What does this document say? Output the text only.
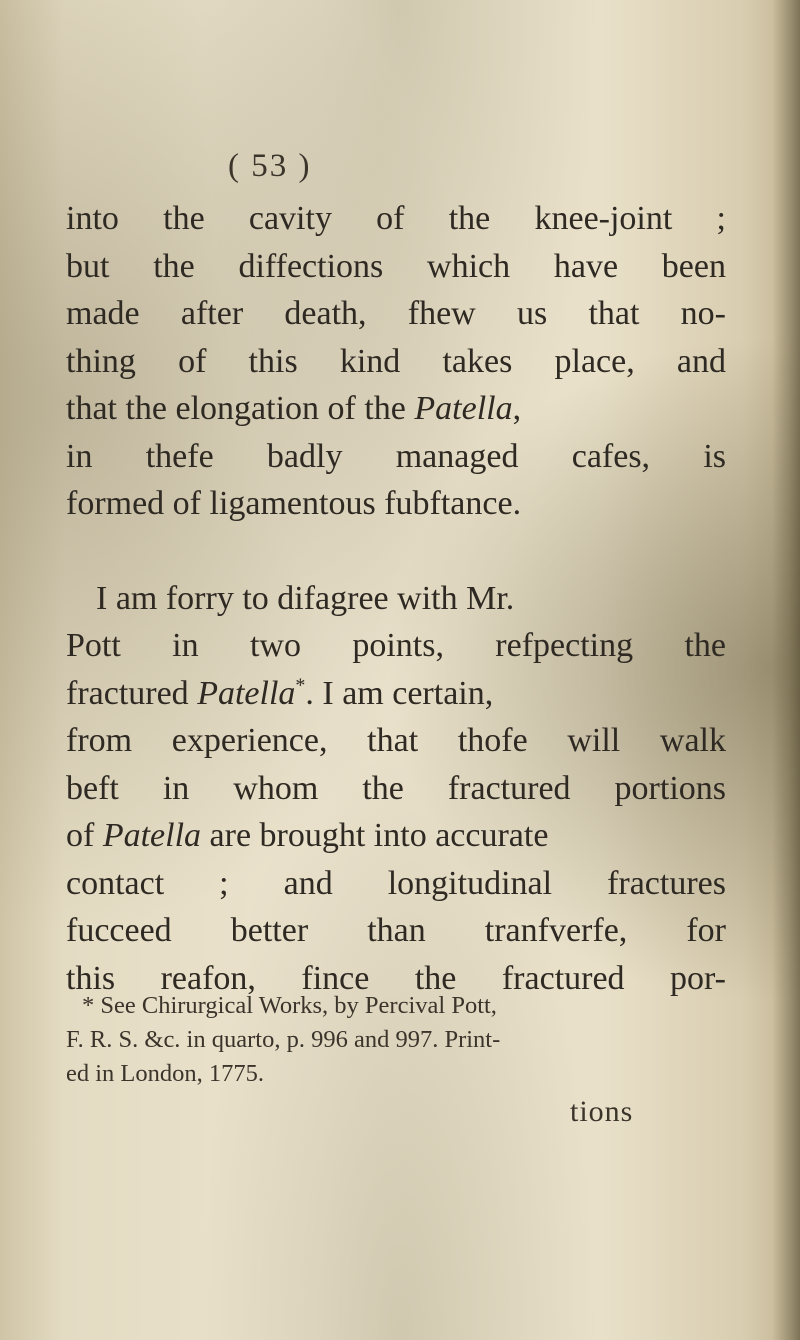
( 53 )
into the cavity of the knee-joint ;
but the diffections which have been
made after death, fhew us that no-
thing of this kind takes place, and
that the elongation of the Patella,
in thefe badly managed cafes, is
formed of ligamentous fubftance.
I am forry to difagree with Mr.
Pott in two points, refpecting the
fractured Patella*. I am certain,
from experience, that thofe will walk
beft in whom the fractured portions
of Patella are brought into accurate
contact ; and longitudinal fractures
fucceed better than tranfverfe, for
this reafon, fince the fractured por-
* See Chirurgical Works, by Percival Pott,
F. R. S. &c. in quarto, p. 996 and 997. Print-
ed in London, 1775.
tions
